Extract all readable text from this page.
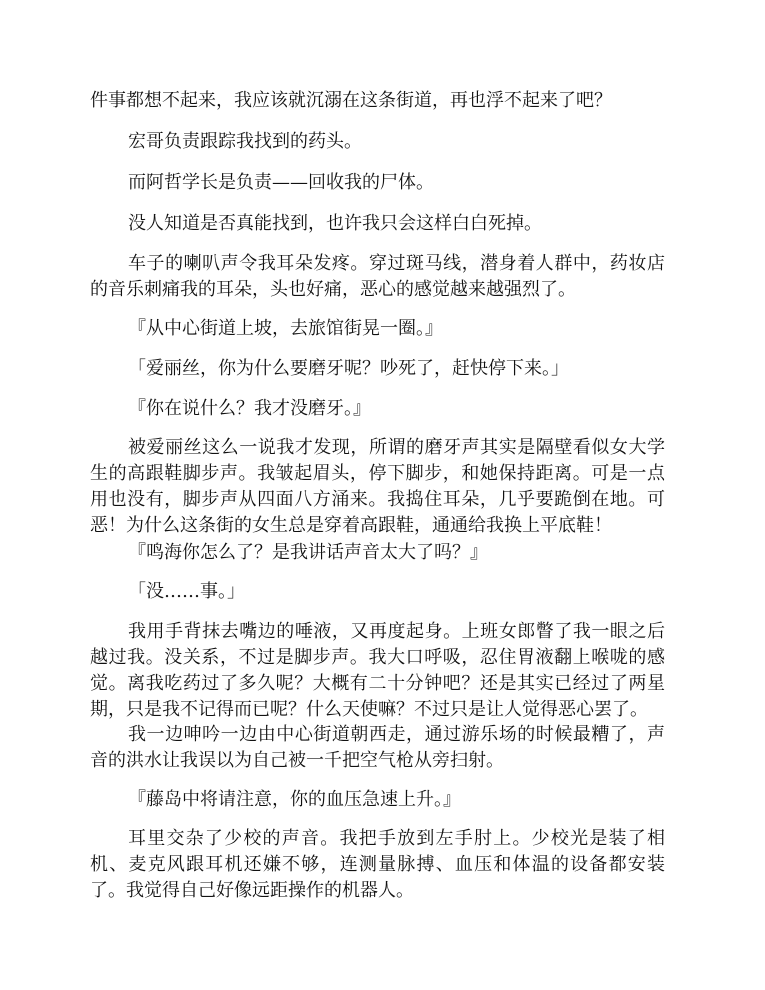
件事都想不起来，我应该就沉溺在这条街道，再也浮不起来了吧？

宏哥负责跟踪我找到的药头。

而阿哲学长是负责——回收我的尸体。

没人知道是否真能找到，也许我只会这样白白死掉。

车子的喇叭声令我耳朵发疼。穿过斑马线，潜身着人群中，药妆店的音乐刺痛我的耳朵，头也好痛，恶心的感觉越来越强烈了。

『从中心街道上坡，去旅馆街晃一圈。』

「爱丽丝，你为什么要磨牙呢？吵死了，赶快停下来。」

『你在说什么？我才没磨牙。』

被爱丽丝这么一说我才发现，所谓的磨牙声其实是隔壁看似女大学生的高跟鞋脚步声。我皱起眉头，停下脚步，和她保持距离。可是一点用也没有，脚步声从四面八方涌来。我捣住耳朵，几乎要跪倒在地。可恶！为什么这条街的女生总是穿着高跟鞋，通通给我换上平底鞋！

『鸣海你怎么了？是我讲话声音太大了吗？』

「没……事。」

我用手背抹去嘴边的唾液，又再度起身。上班女郎瞥了我一眼之后越过我。没关系，不过是脚步声。我大口呼吸，忍住胃液翻上喉咙的感觉。离我吃药过了多久呢？大概有二十分钟吧？还是其实已经过了两星期，只是我不记得而已呢？什么天使嘛？不过只是让人觉得恶心罢了。

我一边呻吟一边由中心街道朝西走，通过游乐场的时候最糟了，声音的洪水让我误以为自己被一千把空气枪从旁扫射。

『藤岛中将请注意，你的血压急速上升。』

耳里交杂了少校的声音。我把手放到左手肘上。少校光是装了相机、麦克风跟耳机还嫌不够，连测量脉搏、血压和体温的设备都安装了。我觉得自己好像远距操作的机器人。
